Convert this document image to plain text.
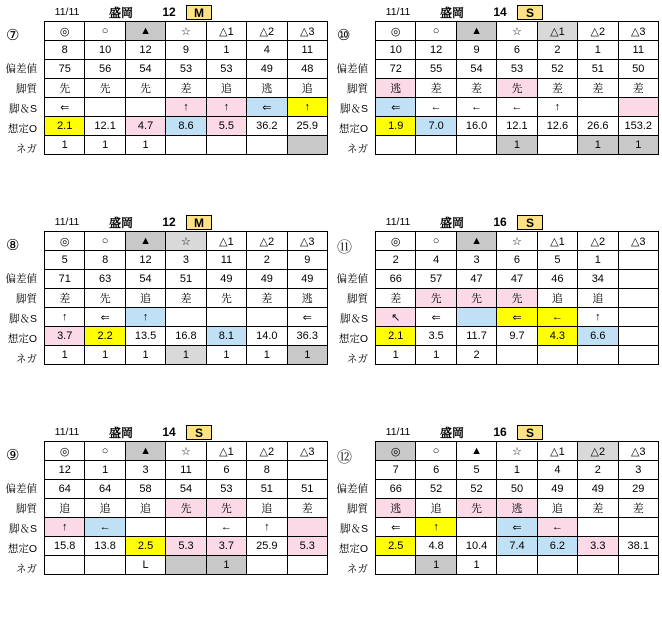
⑦
11/11	盛岡	12	M
偏差値
脚質
脚＆S
想定O
ネガ
◎	○	▲	☆	△1	△2	△3
8	10	12	9	1	4	11
75	56	54	53	53	49	48
先	先	先	差	追	逃	追
⇐			↑	↑	⇐	↑
2.1	12.1	4.7	8.6	5.5	36.2	25.9
1	1	1				
⑩
11/11	盛岡	14	S
偏差値
脚質
脚＆S
想定O
ネガ
◎	○	▲	☆	△1	△2	△3
10	12	9	6	2	1	11
72	55	54	53	52	51	50
逃	差	差	先	差	差	差
⇐	←	←	←	↑		
1.9	7.0	16.0	12.1	12.6	26.6	153.2
			1		1	1
⑧
11/11	盛岡	12	M
偏差値
脚質
脚＆S
想定O
ネガ
◎	○	▲	☆	△1	△2	△3
5	8	12	3	11	2	9
71	63	54	51	49	49	49
差	先	追	差	先	差	逃
↑	⇐	↑				⇐
3.7	2.2	13.5	16.8	8.1	14.0	36.3
1	1	1	1	1	1	1
⑪
11/11	盛岡	16	S
偏差値
脚質
脚＆S
想定O
ネガ
◎	○	▲	☆	△1	△2	△3
2	4	3	6	5	1	
66	57	47	47	46	34	
差	先	先	先	追	追	
↖	⇐		⇐	←	↑	
2.1	3.5	11.7	9.7	4.3	6.6	
1	1	2				
⑨
11/11	盛岡	14	S
偏差値
脚質
脚＆S
想定O
ネガ
◎	○	▲	☆	△1	△2	△3
12	1	3	11	6	8	
64	64	58	54	53	51	51
追	追	追	先	先	追	差
↑	←			←	↑	
15.8	13.8	2.5	5.3	3.7	25.9	5.3
		L		1		
⑫
11/11	盛岡	16	S
偏差値
脚質
脚＆S
想定O
ネガ
◎	○	▲	☆	△1	△2	△3
7	6	5	1	4	2	3
66	52	52	50	49	49	29
逃	追	先	逃	追	差	差
⇐	↑		⇐	←		
2.5	4.8	10.4	7.4	6.2	3.3	38.1
	1	1				
